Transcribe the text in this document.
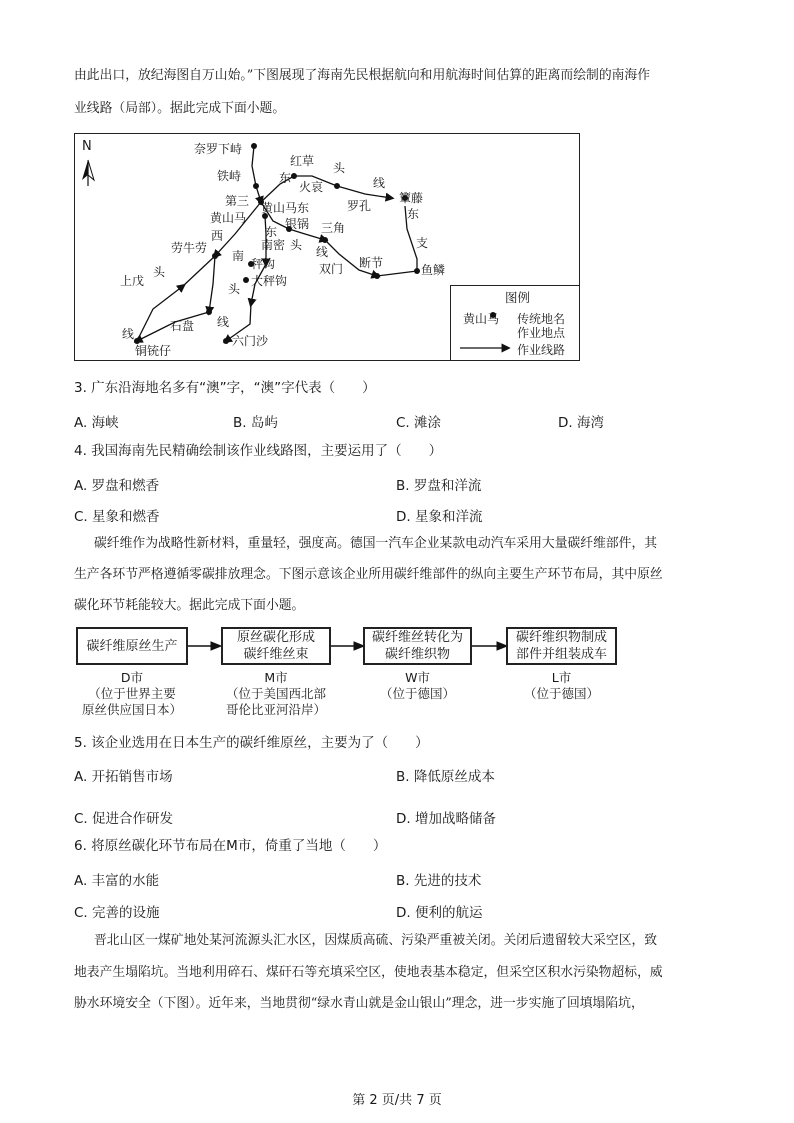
由此出口，放纪海图自万山始。”下图展现了海南先民根据航向和用航海时间估算的距离而绘制的南海作
业线路（局部）。据此完成下面小题。
N	奈罗下峙
铁峙
第三
黄山马
西
劳牛劳
上戊
石盘
铜铳仔
红草
火哀
黄山马东
银锅 三角
罗孔
簟藤
南密
秤钩
大秤钩
双门 断节	鱼鳞
六门沙
头
线
东
东
支
东
头 线
南
头
线
头
线
图例
黄山马 传统地名
作业地点
作业线路
3. 广东沿海地名多有“澳”字，“澳”字代表（　　）
A. 海峡	B. 岛屿	C. 滩涂	D. 海湾
4. 我国海南先民精确绘制该作业线路图，主要运用了（　　）
A. 罗盘和燃香	B. 罗盘和洋流
C. 星象和燃香	D. 星象和洋流
碳纤维作为战略性新材料，重量轻，强度高。德国一汽车企业某款电动汽车采用大量碳纤维部件，其
生产各环节严格遵循零碳排放理念。下图示意该企业所用碳纤维部件的纵向主要生产环节布局，其中原丝
碳化环节耗能较大。据此完成下面小题。
碳纤维原丝生产
原丝碳化形成
碳纤维丝束
碳纤维丝转化为
碳纤维织物
碳纤维织物制成
部件并组装成车
D市
（位于世界主要
原丝供应国日本）
M市
（位于美国西北部
哥伦比亚河沿岸）
W市
（位于德国）
L市
（位于德国）
5. 该企业选用在日本生产的碳纤维原丝，主要为了（　　）
A. 开拓销售市场	B. 降低原丝成本
C. 促进合作研发	D. 增加战略储备
6. 将原丝碳化环节布局在M市，倚重了当地（　　）
A. 丰富的水能	B. 先进的技术
C. 完善的设施	D. 便利的航运
晋北山区一煤矿地处某河流源头汇水区，因煤质高硫、污染严重被关闭。关闭后遗留较大采空区，致
地表产生塌陷坑。当地利用碎石、煤矸石等充填采空区，使地表基本稳定，但采空区积水污染物超标，威
胁水环境安全（下图）。近年来，当地贯彻“绿水青山就是金山银山”理念，进一步实施了回填塌陷坑，
第 2 页/共 7 页
